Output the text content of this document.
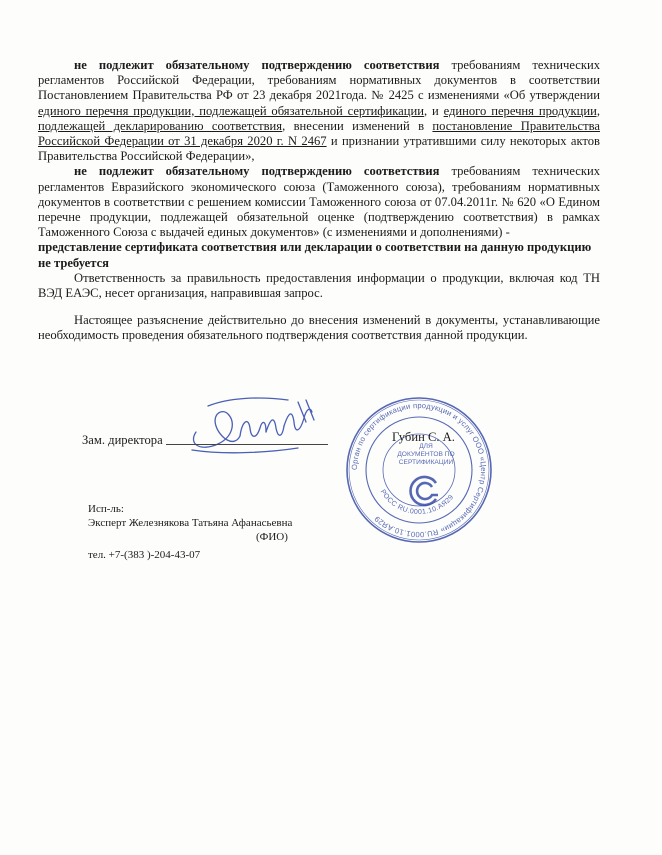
не подлежит обязательному подтверждению соответствия требованиям технических регламентов Российской Федерации, требованиям нормативных документов в соответствии Постановлением Правительства РФ от 23 декабря 2021года. № 2425 с изменениями «Об утверждении единого перечня продукции, подлежащей обязательной сертификации, и единого перечня продукции, подлежащей декларированию соответствия, внесении изменений в постановление Правительства Российской Федерации от 31 декабря 2020 г. N 2467 и признании утратившими силу некоторых актов Правительства Российской Федерации»,

не подлежит обязательному подтверждению соответствия требованиям технических регламентов Евразийского экономического союза (Таможенного союза), требованиям нормативных документов в соответствии с решением комиссии Таможенного союза от 07.04.2011г. № 620 «О Едином перечне продукции, подлежащей обязательной оценке (подтверждению соответствия) в рамках Таможенного Союза с выдачей единых документов» (с изменениями и дополнениями) -

представление сертификата соответствия или декларации о соответствии на данную продукцию не требуется

Ответственность за правильность предоставления информации о продукции, включая код ТН ВЭД ЕАЭС, несет организация, направившая запрос.

Настоящее разъяснение действительно до внесения изменений в документы, устанавливающие необходимость проведения обязательного подтверждения соответствия данной продукции.

Зам. директора
Орган по сертификации продукции и услуг ООО «Центр Сертификации» RU.0001.10.АЯ29
РОСС RU.0001.10.АЯ29
ДЛЯ
ДОКУМЕНТОВ ПО
СЕРТИФИКАЦИИ
Губин С. А.
Исп-ль:
Эксперт Железнякова Татьяна Афанасьевна
(ФИО)
тел. +7-(383 )-204-43-07
